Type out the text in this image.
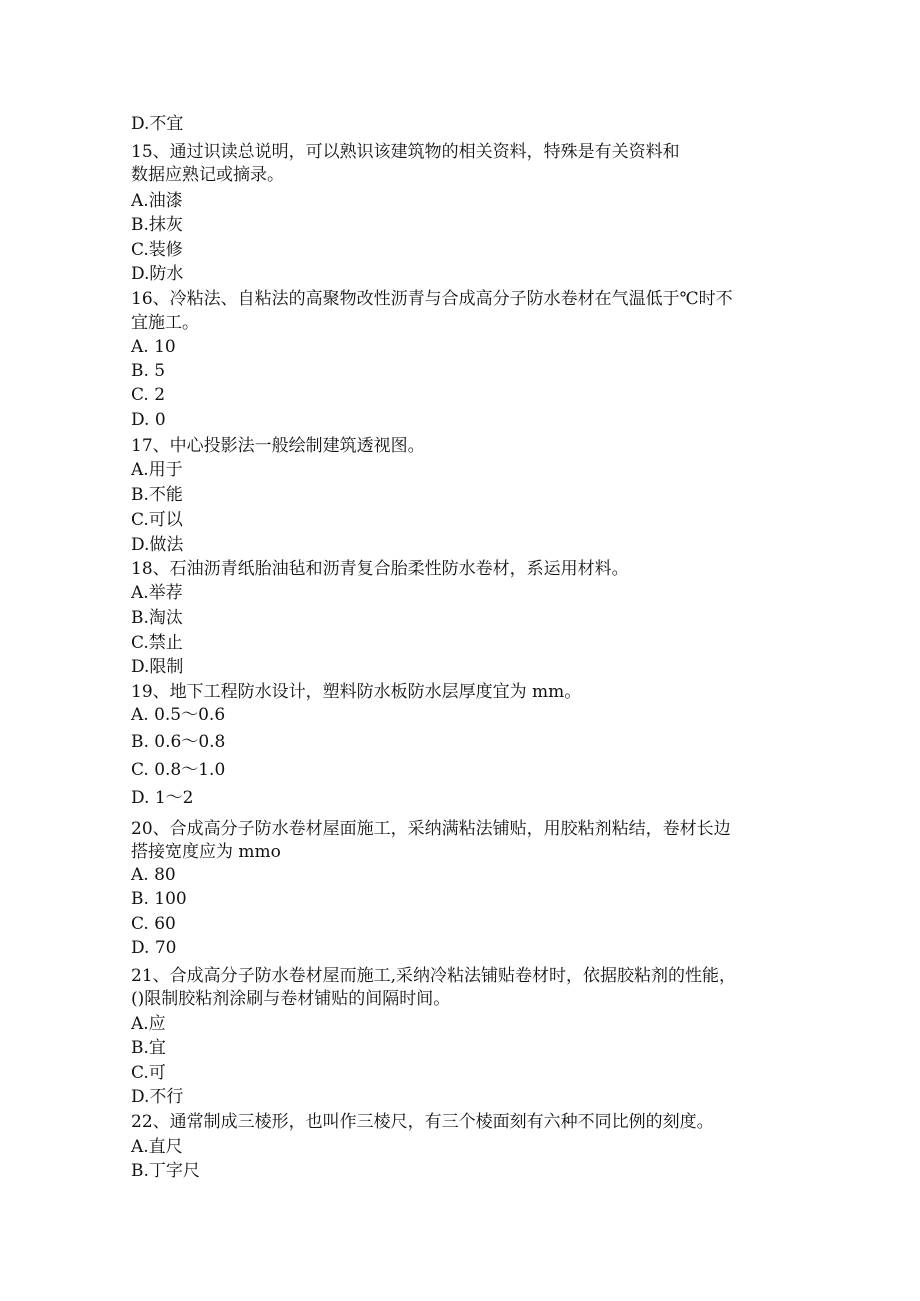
D.不宜
15、通过识读总说明，可以熟识该建筑物的相关资料，特殊是有关资料和
数据应熟记或摘录。
A.油漆
B.抹灰
C.装修
D.防水
16、冷粘法、自粘法的高聚物改性沥青与合成高分子防水卷材在气温低于℃时不
宜施工。
A. 10
B. 5
C. 2
D. 0
17、中心投影法一般绘制建筑透视图。
A.用于
B.不能
C.可以
D.做法
18、石油沥青纸胎油毡和沥青复合胎柔性防水卷材，系运用材料。
A.举荐
B.淘汰
C.禁止
D.限制
19、地下工程防水设计，塑料防水板防水层厚度宜为 mm。
A. 0.5～0.6
B. 0.6～0.8
C. 0.8～1.0
D. 1～2
20、合成高分子防水卷材屋面施工，采纳满粘法铺贴，用胶粘剂粘结，卷材长边
搭接宽度应为 mmo
A. 80
B. 100
C. 60
D. 70
21、合成高分子防水卷材屋而施工,采纳冷粘法铺贴卷材时，依据胶粘剂的性能，
()限制胶粘剂涂刷与卷材铺贴的间隔时间。
A.应
B.宜
C.可
D.不行
22、通常制成三棱形，也叫作三棱尺，有三个棱面刻有六种不同比例的刻度。
A.直尺
B.丁字尺
